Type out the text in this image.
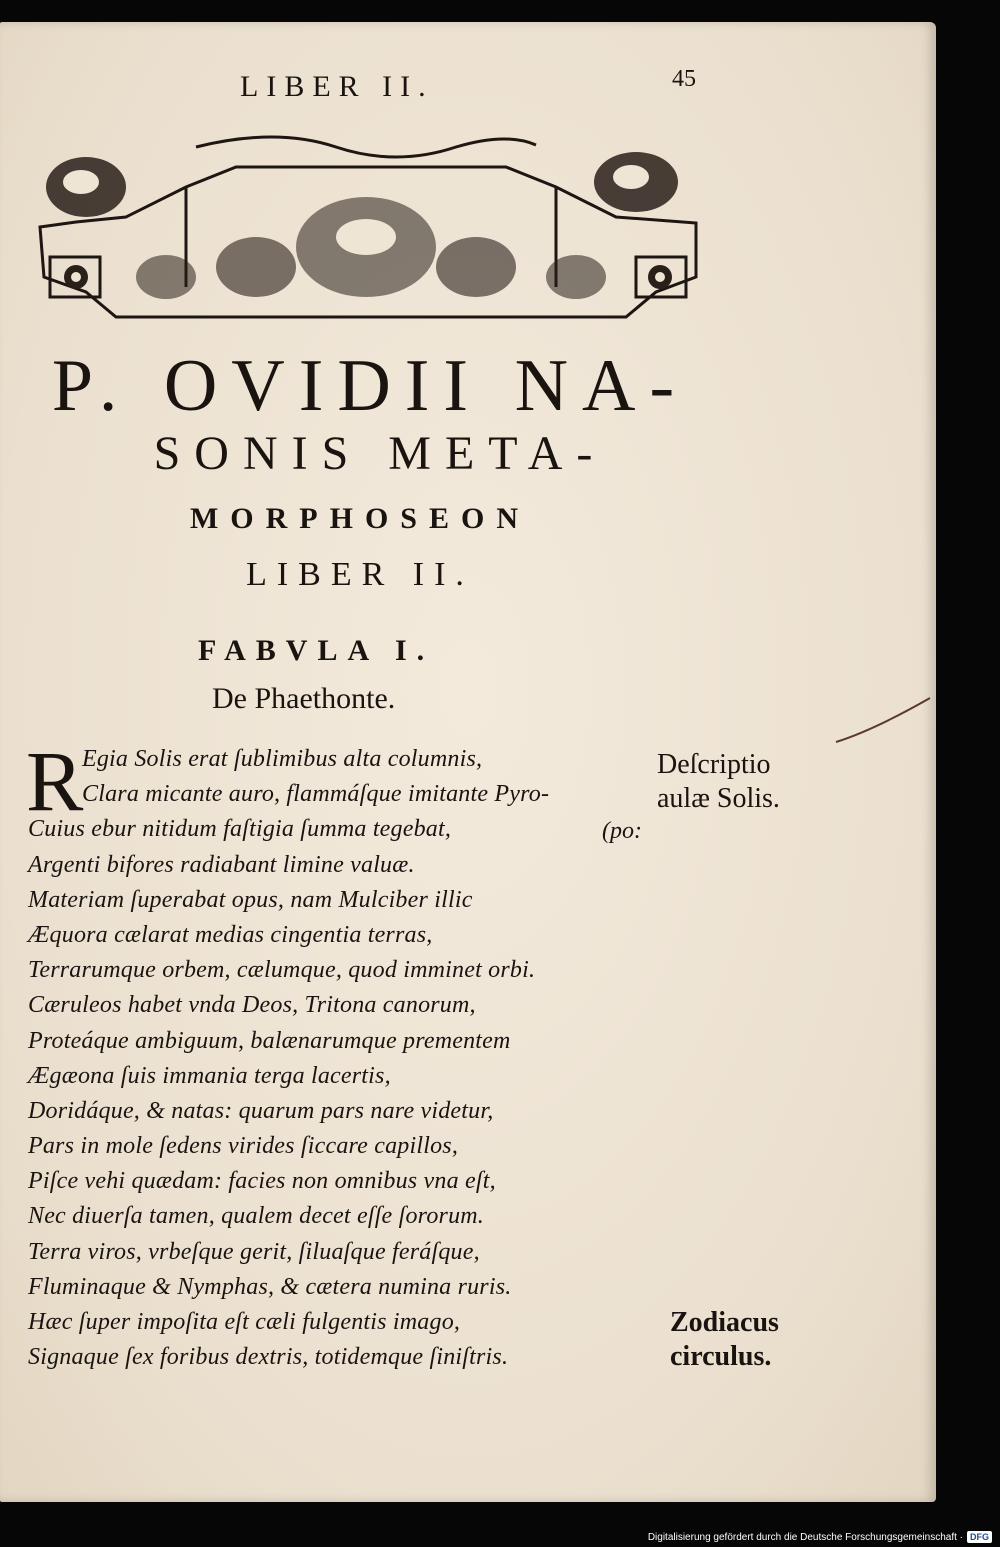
LIBER II.	45
P. OVIDII NA-
SONIS META-
MORPHOSEON
LIBER II.
FABVLA I.
De Phaethonte.
R
Egia Solis erat ſublimibus alta columnis,
Clara micante auro, flammáſque imitante Pyro-
Cuius ebur nitidum faſtigia ſumma tegebat,
Argenti bifores radiabant limine valuæ.
Materiam ſuperabat opus, nam Mulciber illic
Æquora cælarat medias cingentia terras,
Terrarumque orbem, cælumque, quod imminet orbi.
Cæruleos habet vnda Deos, Tritona canorum,
Proteáque ambiguum, balænarumque prementem
Ægæona ſuis immania terga lacertis,
Doridáque, & natas: quarum pars nare videtur,
Pars in mole ſedens virides ſiccare capillos,
Piſce vehi quædam: facies non omnibus vna eſt,
Nec diuerſa tamen, qualem decet eſſe ſororum.
Terra viros, vrbeſque gerit, ſiluaſque feráſque,
Fluminaque & Nymphas, & cætera numina ruris.
Hæc ſuper impoſita eſt cæli fulgentis imago,
Signaque ſex foribus dextris, totidemque ſiniſtris.
(po:
Deſcriptio
aulæ Solis.
Zodiacus
circulus.
Digitalisierung gefördert durch die Deutsche Forschungsgemeinschaft · DFG
